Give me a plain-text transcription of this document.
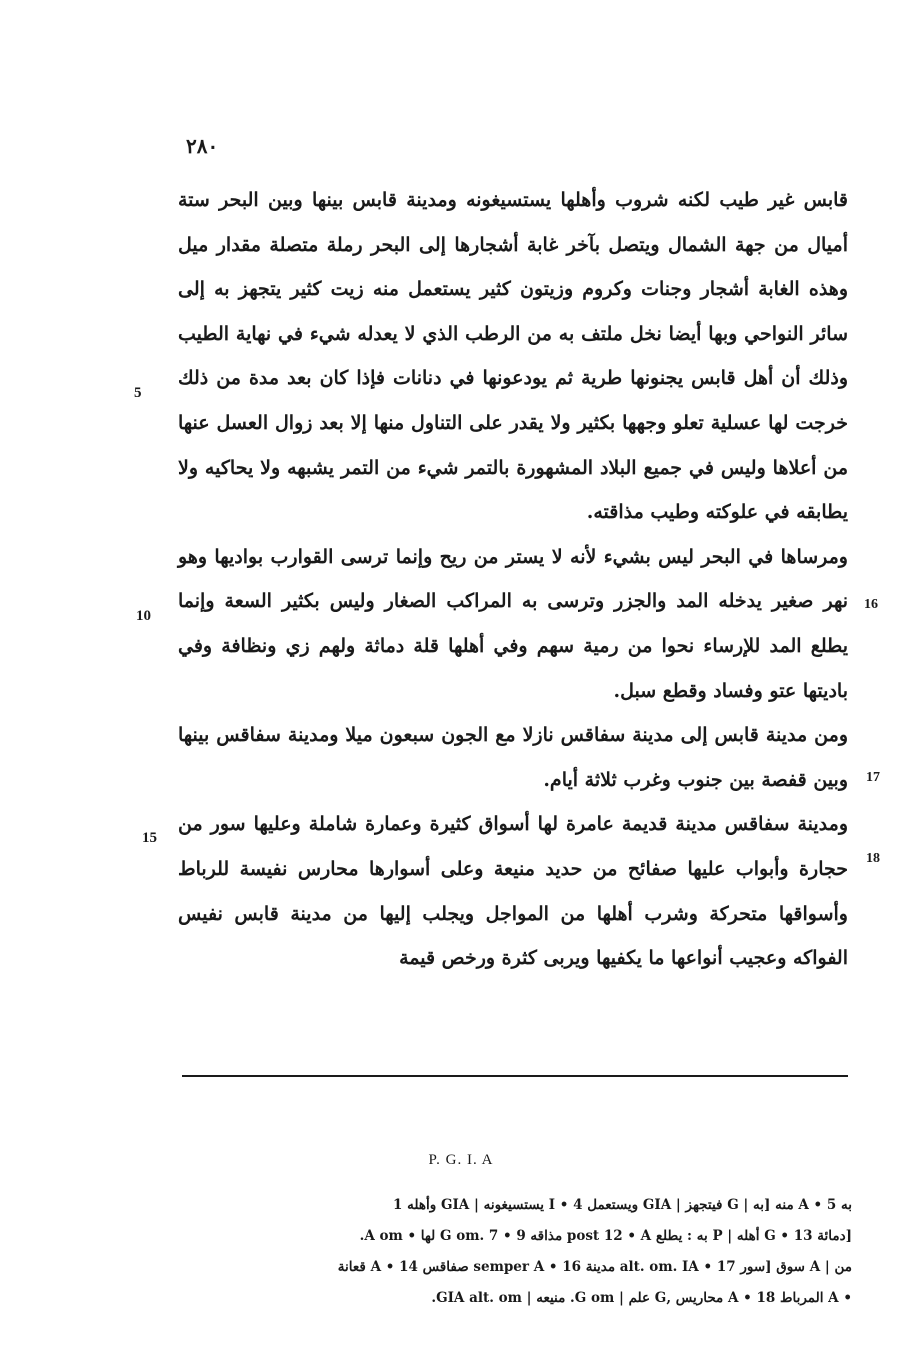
٢٨٠

قابس غير طيب لكنه شروب وأهلها يستسيغونه ومدينة قابس بينها وبين البحر ستة أميال من جهة الشمال ويتصل بآخر غابة أشجارها إلى البحر رملة متصلة مقدار ميل وهذه الغابة أشجار وجنات وكروم وزيتون كثير يستعمل منه زيت كثير يتجهز به إلى سائر النواحي وبها أيضا نخل ملتف به من الرطب الذي لا يعدله شيء في نهاية الطيب وذلك أن أهل قابس يجنونها طرية ثم يودعونها في دنانات فإذا كان بعد مدة من ذلك خرجت لها عسلية تعلو وجهها بكثير ولا يقدر على التناول منها إلا بعد زوال العسل عنها من أعلاها وليس في جميع البلاد المشهورة بالتمر شيء من التمر يشبهه ولا يحاكيه ولا يطابقه في علوكته وطيب مذاقته.

ومرساها في البحر ليس بشيء لأنه لا يستر من ريح وإنما ترسى القوارب بواديها وهو نهر صغير يدخله المد والجزر وترسى به المراكب الصغار وليس بكثير السعة وإنما يطلع المد للإرساء نحوا من رمية سهم وفي أهلها قلة دماثة ولهم زي ونظافة وفي باديتها عتو وفساد وقطع سبل.

ومن مدينة قابس إلى مدينة سفاقس نازلا مع الجون سبعون ميلا ومدينة سفاقس بينها وبين قفصة بين جنوب وغرب ثلاثة أيام.

ومدينة سفاقس مدينة قديمة عامرة لها أسواق كثيرة وعمارة شاملة وعليها سور من حجارة وأبواب عليها صفائح من حديد منيعة وعلى أسوارها محارس نفيسة للرباط وأسواقها متحركة وشرب أهلها من المواجل ويجلب إليها من مدينة قابس نفيس الفواكه وعجيب أنواعها ما يكفيها ويربى كثرة ورخص قيمة

5
10
15
16
17
18
P. G. I. A
به 5 • A منه [به | G فيتجهز | GIA ويستعمل 4 • I يستسيغونه | GIA وأهله 1
[دمائة 13 • G أهله | P به : يطلع post 12 • A مذاقه 9 • G om. 7 لها • A om.
من | A سوق [سور 17 • alt. om. IA مدينة 16 • semper A صفاقس 14 • A قعانة
• A المرباط 18 • A محاريس ,G علم | G om. منيعه | GIA alt. om.
